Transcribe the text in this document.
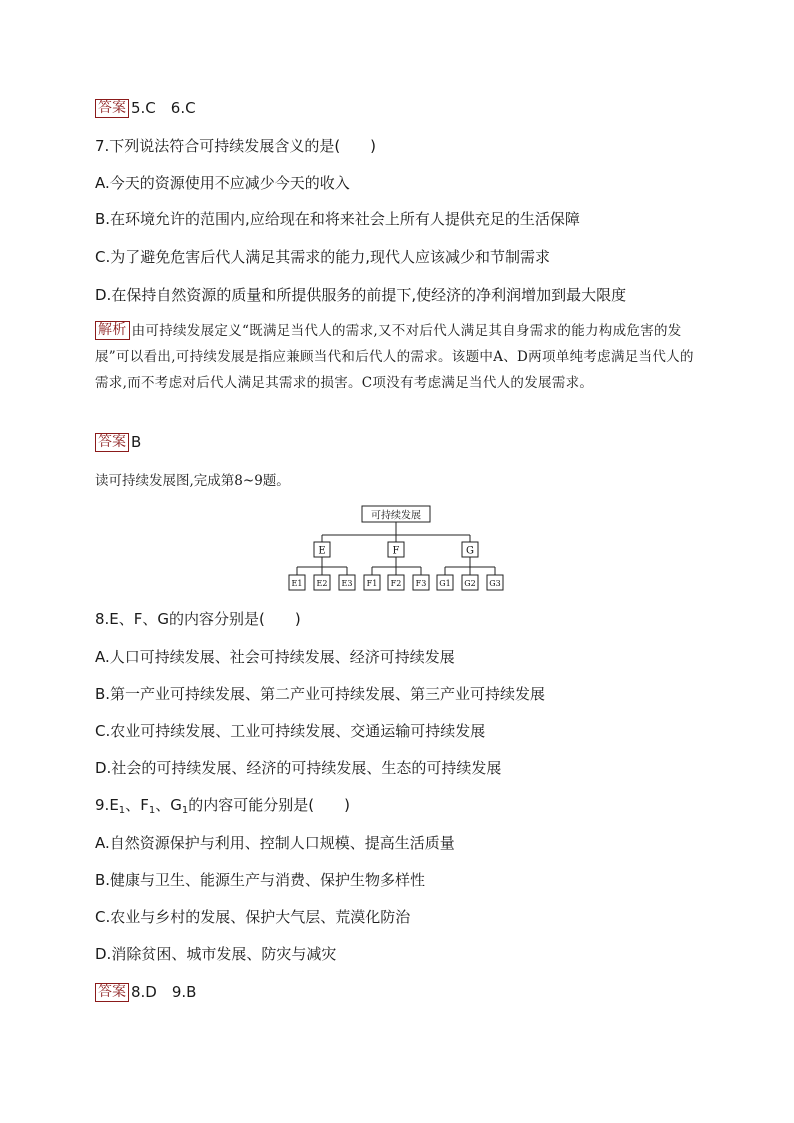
答案 5.C　6.C
7.下列说法符合可持续发展含义的是(　　)
A.今天的资源使用不应减少今天的收入
B.在环境允许的范围内,应给现在和将来社会上所有人提供充足的生活保障
C.为了避免危害后代人满足其需求的能力,现代人应该减少和节制需求
D.在保持自然资源的质量和所提供服务的前提下,使经济的净利润增加到最大限度
解析 由可持续发展定义“既满足当代人的需求,又不对后代人满足其自身需求的能力构成危害的发展”可以看出,可持续发展是指应兼顾当代和后代人的需求。该题中A、D两项单纯考虑满足当代人的需求,而不考虑对后代人满足其需求的损害。C项没有考虑满足当代人的发展需求。
答案 B
读可持续发展图,完成第8~9题。
可持续发展
E	F	G
E1 E2 E3 F1 F2 F3 G1 G2 G3
8.E、F、G的内容分别是(　　)
A.人口可持续发展、社会可持续发展、经济可持续发展
B.第一产业可持续发展、第二产业可持续发展、第三产业可持续发展
C.农业可持续发展、工业可持续发展、交通运输可持续发展
D.社会的可持续发展、经济的可持续发展、生态的可持续发展
$9.E_1$、$F_1$、$G_1$的内容可能分别是(　　)
A.自然资源保护与利用、控制人口规模、提高生活质量
B.健康与卫生、能源生产与消费、保护生物多样性
C.农业与乡村的发展、保护大气层、荒漠化防治
D.消除贫困、城市发展、防灾与减灾
答案 8.D　9.B
